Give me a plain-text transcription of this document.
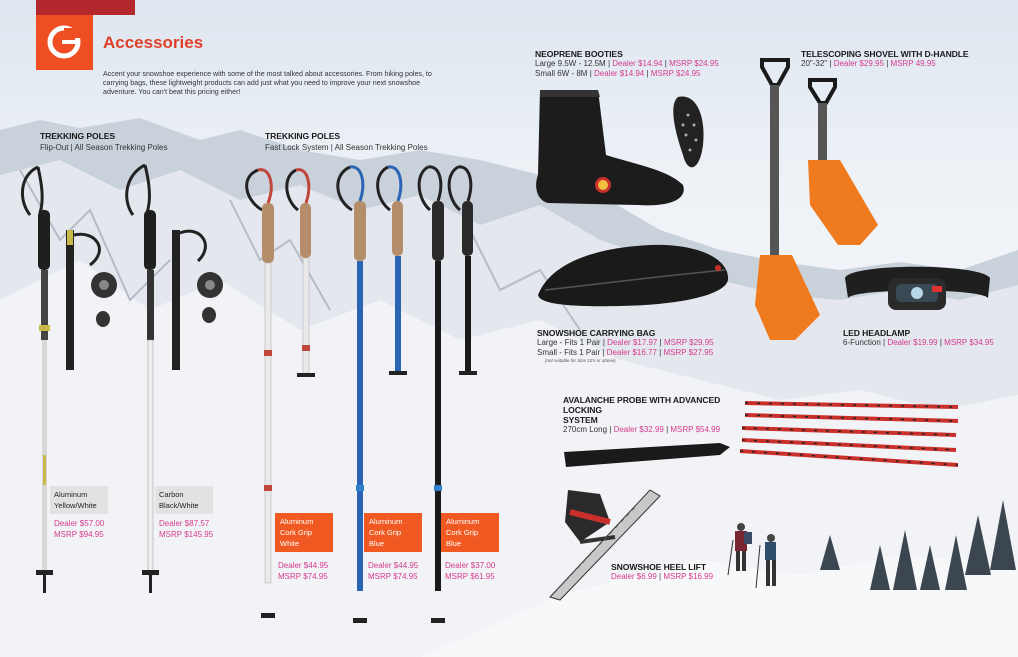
Accessories

Accent your snowshoe experience with some of the most talked about accessories. From hiking poles, to carrying bags, these lightweight products can add just what you need to improve your next snowshoe adventure. You can't beat this pricing either!

TREKKING POLES
Flip-Out | All Season Trekking Poles
TREKKING POLES
Fast Lock System | All Season Trekking Poles
Aluminum
Yellow/White
Dealer $57.00
MSRP $94.95
Carbon
Black/White
Dealer $87.57
MSRP $145.95
Aluminum
Cork Grip
White
Dealer $44.95
MSRP $74.95
Aluminum
Cork Grip
Blue
Dealer $44.95
MSRP $74.95
Aluminum
Cork Grip
Blue
Dealer $37.00
MSRP $61.95
NEOPRENE BOOTIES
Large 9.5W - 12.5M | Dealer $14.94 | MSRP $24.95
Small 6W - 8M | Dealer $14.94 | MSRP $24.95
TELESCOPING SHOVEL WITH D-HANDLE
20"-32" | Dealer $29.95 | MSRP 49.95
SNOWSHOE CARRYING BAG
Large - Fits 1 Pair | Dealer $17.97 | MSRP $29.95
Small - Fits 1 Pair | Dealer $16.77 | MSRP $27.95
(not suitable for Size 10's or above)
LED HEADLAMP
6-Function | Dealer $19.99 | MSRP $34.95
AVALANCHE PROBE WITH ADVANCED LOCKING
SYSTEM
270cm Long | Dealer $32.99 | MSRP $54.99
SNOWSHOE HEEL LIFT
Dealer $6.99 | MSRP $16.99
